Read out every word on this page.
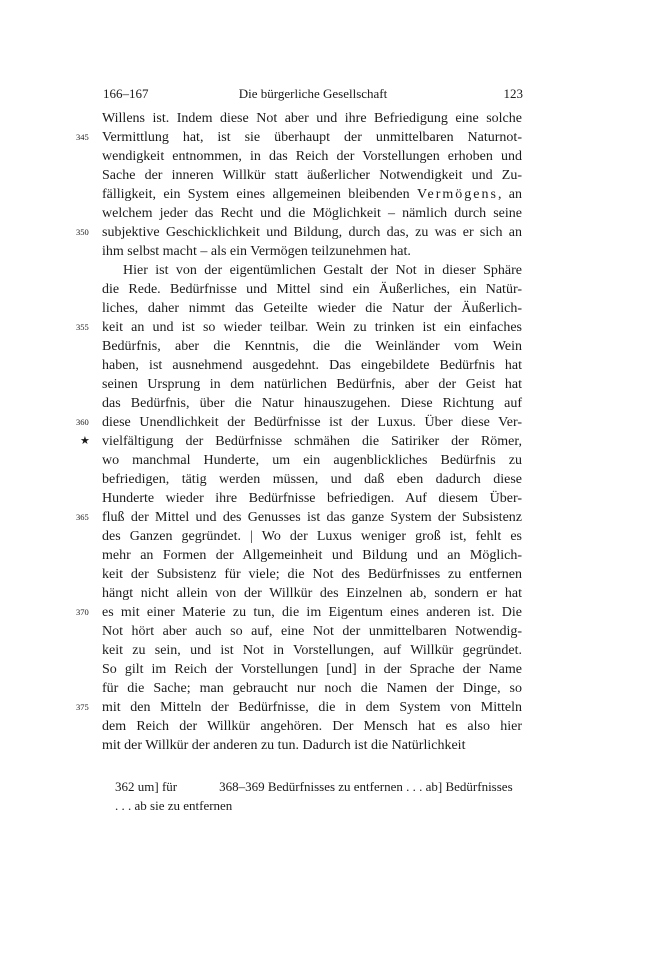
166–167	Die bürgerliche Gesellschaft	123
Willens ist. Indem diese Not aber und ihre Befriedigung eine solche
Vermittlung hat, ist sie überhaupt der unmittelbaren Naturnot-
345
wendigkeit entnommen, in das Reich der Vorstellungen erhoben und
Sache der inneren Willkür statt äußerlicher Notwendigkeit und Zu-
fälligkeit, ein System eines allgemeinen bleibenden Vermögens, an
welchem jeder das Recht und die Möglichkeit – nämlich durch seine
subjektive Geschicklichkeit und Bildung, durch das, zu was er sich an
350
ihm selbst macht – als ein Vermögen teilzunehmen hat.
Hier ist von der eigentümlichen Gestalt der Not in dieser Sphäre
die Rede. Bedürfnisse und Mittel sind ein Äußerliches, ein Natür-
liches, daher nimmt das Geteilte wieder die Natur der Äußerlich-
keit an und ist so wieder teilbar. Wein zu trinken ist ein einfaches
355
Bedürfnis, aber die Kenntnis, die die Weinländer vom Wein
haben, ist ausnehmend ausgedehnt. Das eingebildete Bedürfnis hat
seinen Ursprung in dem natürlichen Bedürfnis, aber der Geist hat
das Bedürfnis, über die Natur hinauszugehen. Diese Richtung auf
diese Unendlichkeit der Bedürfnisse ist der Luxus. Über diese Ver-
360
vielfältigung der Bedürfnisse schmähen die Satiriker der Römer,
★
wo manchmal Hunderte, um ein augenblickliches Bedürfnis zu
befriedigen, tätig werden müssen, und daß eben dadurch diese
Hunderte wieder ihre Bedürfnisse befriedigen. Auf diesem Über-
fluß der Mittel und des Genusses ist das ganze System der Subsistenz
365
des Ganzen gegründet. | Wo der Luxus weniger groß ist, fehlt es
mehr an Formen der Allgemeinheit und Bildung und an Möglich-
keit der Subsistenz für viele; die Not des Bedürfnisses zu entfernen
hängt nicht allein von der Willkür des Einzelnen ab, sondern er hat
es mit einer Materie zu tun, die im Eigentum eines anderen ist. Die
370
Not hört aber auch so auf, eine Not der unmittelbaren Notwendig-
keit zu sein, und ist Not in Vorstellungen, auf Willkür gegründet.
So gilt im Reich der Vorstellungen [und] in der Sprache der Name
für die Sache; man gebraucht nur noch die Namen der Dinge, so
mit den Mitteln der Bedürfnisse, die in dem System von Mitteln
375
dem Reich der Willkür angehören. Der Mensch hat es also hier
mit der Willkür der anderen zu tun. Dadurch ist die Natürlichkeit
362 um] für	368–369 Bedürfnisses zu entfernen . . . ab] Bedürfnisses
. . . ab sie zu entfernen
